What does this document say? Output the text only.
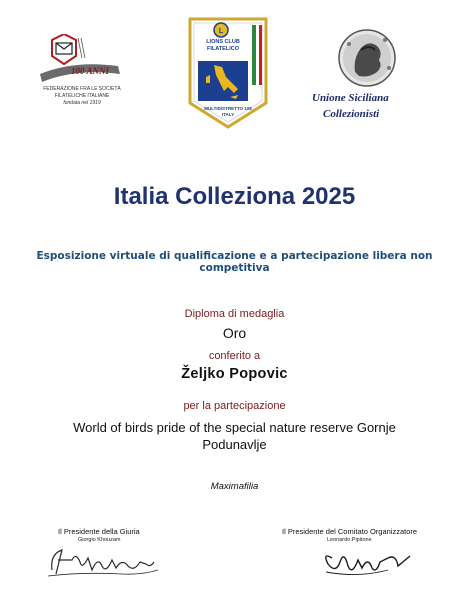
100 ANNI
FEDERAZIONE FRA LE SOCIETÀ
FILATELICHE ITALIANE
fondata nel 1919
L
LIONS CLUB
FILATELICO
MULTIDISTRETTO 108
ITALY
Unione Siciliana
Collezionisti
Italia Colleziona 2025
Esposizione virtuale di qualificazione e a partecipazione libera non competitiva
Diploma di medaglia
Oro
conferito a
Željko Popovic
per la partecipazione
World of birds pride of the special nature reserve Gornje Podunavlje
Maximafilia
Il Presidente della Giuria
Giorgio Khouzam
Il Presidente del Comitato Organizzatore
Leonardo Pipitone
